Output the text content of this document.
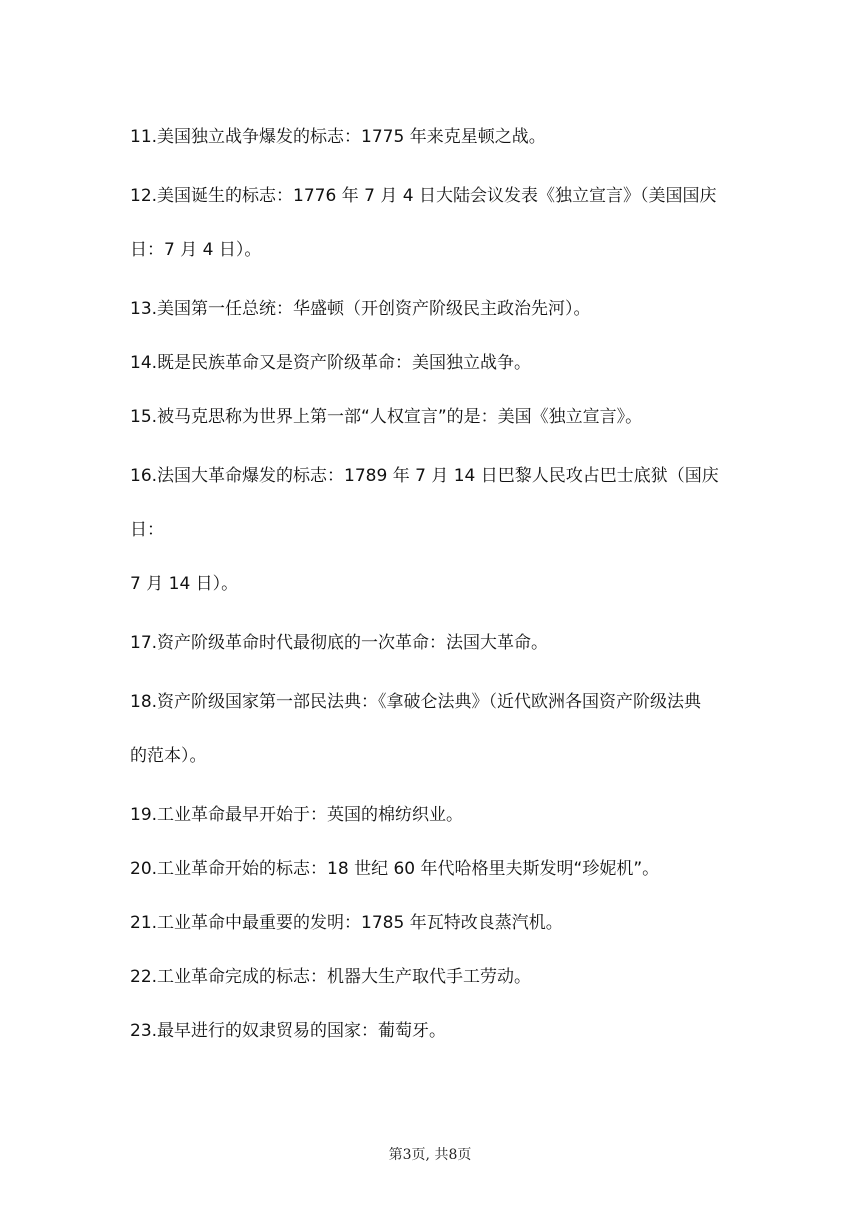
11.美国独立战争爆发的标志：1775 年来克星顿之战。

12.美国诞生的标志：1776 年 7 月 4 日大陆会议发表《独立宣言》（美国国庆
日：7 月 4 日）。

13.美国第一任总统：华盛顿（开创资产阶级民主政治先河）。

14.既是民族革命又是资产阶级革命：美国独立战争。

15.被马克思称为世界上第一部“人权宣言”的是：美国《独立宣言》。

16.法国大革命爆发的标志：1789 年 7 月 14 日巴黎人民攻占巴士底狱（国庆日：
7 月 14 日）。

17.资产阶级革命时代最彻底的一次革命：法国大革命。

18.资产阶级国家第一部民法典：《拿破仑法典》（近代欧洲各国资产阶级法典
的范本）。

19.工业革命最早开始于：英国的棉纺织业。

20.工业革命开始的标志：18 世纪 60 年代哈格里夫斯发明“珍妮机”。

21.工业革命中最重要的发明：1785 年瓦特改良蒸汽机。

22.工业革命完成的标志：机器大生产取代手工劳动。

23.最早进行的奴隶贸易的国家：葡萄牙。

第3页, 共8页
